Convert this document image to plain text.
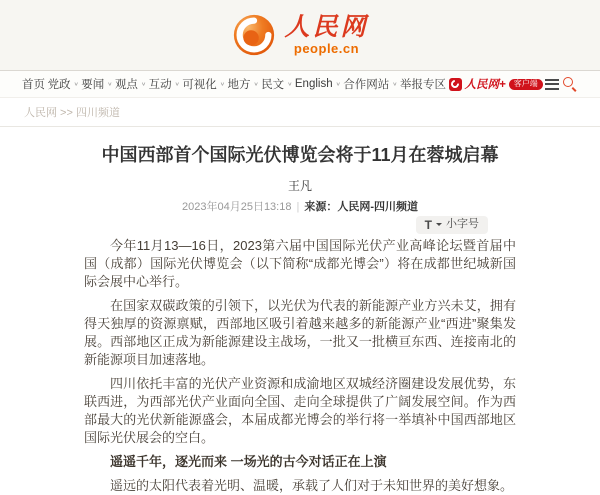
人民网
people.cn
首页 党政 ∨ 要闻 ∨ 观点 ∨ 互动 ∨ 可视化 ∨ 地方 ∨ 民文 ∨ English ∨ 合作网站 ∨ 举报专区 人民网+	客户端
人民网 >> 四川频道
中国西部首个国际光伏博览会将于11月在蓉城启幕
王凡
2023年04月25日13:18 | 来源：人民网-四川频道
T 小字号

今年11月13—16日，2023第六届中国国际光伏产业高峰论坛暨首届中国（成都）国际光伏博览会（以下简称“成都光博会”）将在成都世纪城新国际会展中心举行。

在国家双碳政策的引领下，以光伏为代表的新能源产业方兴未艾，拥有得天独厚的资源禀赋，西部地区吸引着越来越多的新能源产业“西进”聚集发展。西部地区正成为新能源建设主战场，一批又一批横亘东西、连接南北的新能源项目加速落地。

四川依托丰富的光伏产业资源和成渝地区双城经济圈建设发展优势，东联西进，为西部光伏产业面向全国、走向全球提供了广阔发展空间。作为西部最大的光伏新能源盛会，本届成都光博会的举行将一举填补中国西部地区国际光伏展会的空白。

遥遥千年，逐光而来 一场光的古今对话正在上演

遥远的太阳代表着光明、温暖，承载了人们对于未知世界的美好想象。
